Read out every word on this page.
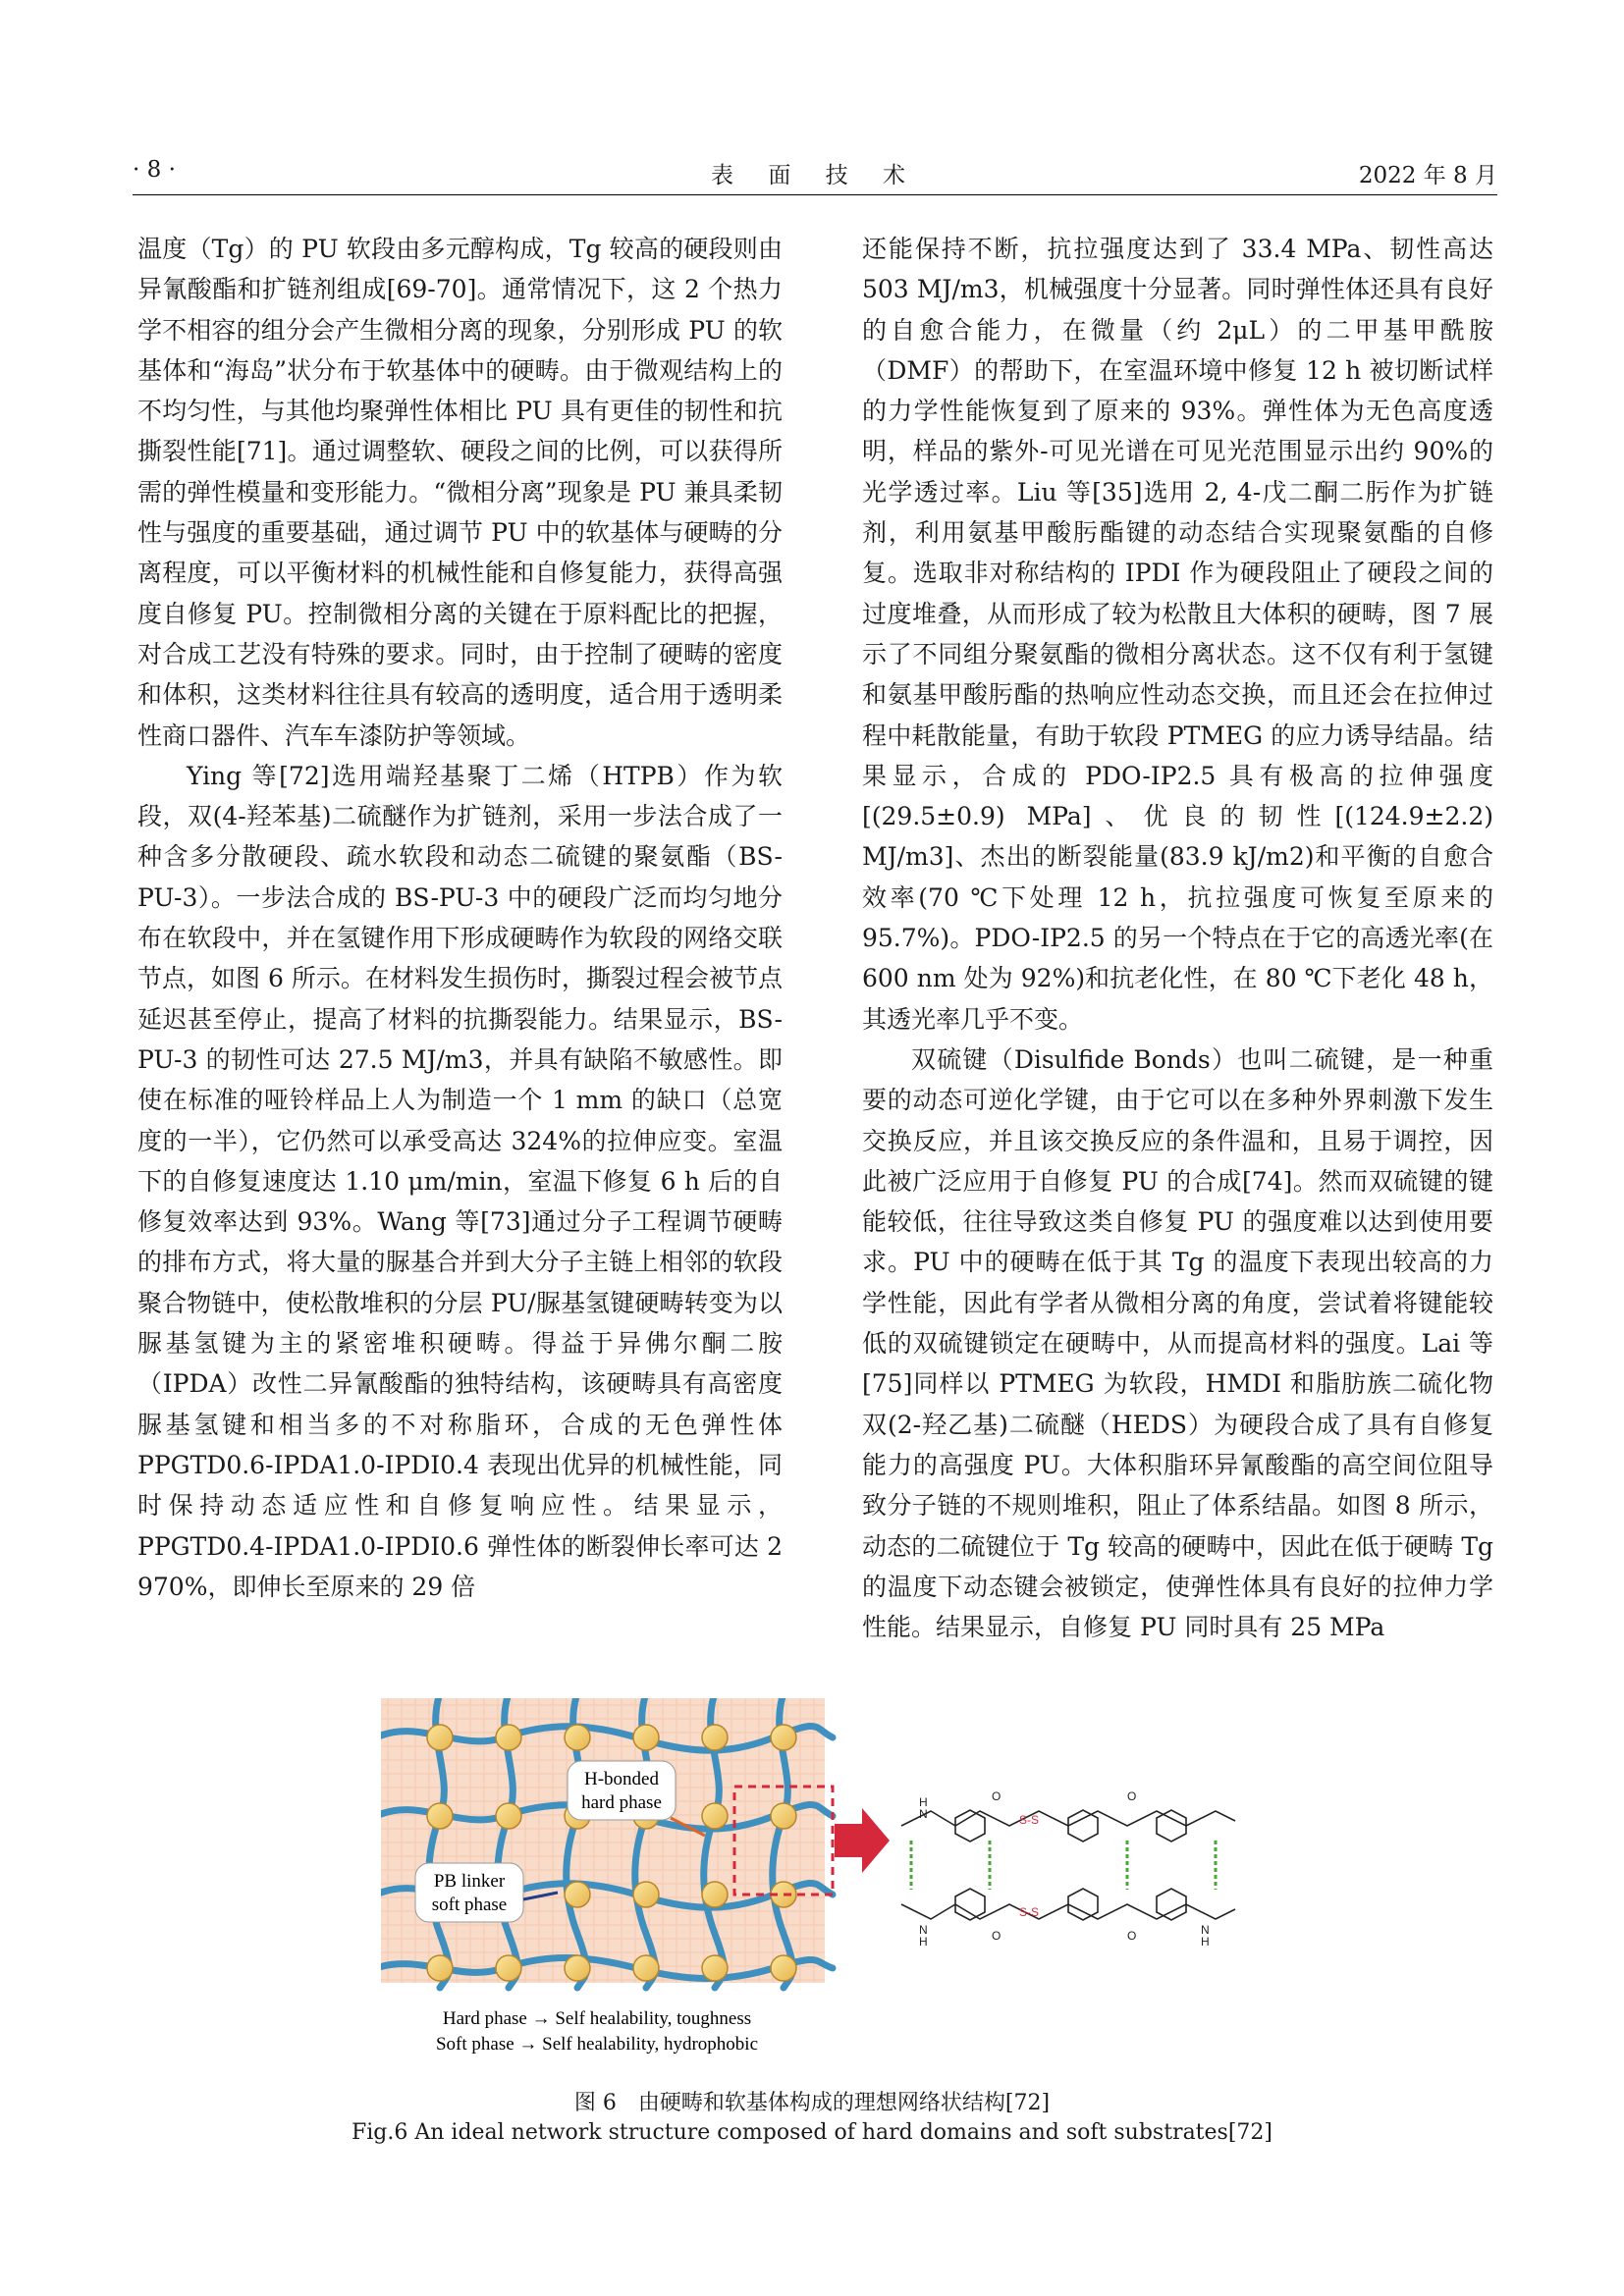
· 8 ·	表 面 技 术	2022 年 8 月

温度（Tg）的 PU 软段由多元醇构成，Tg 较高的硬段则由异氰酸酯和扩链剂组成[69-70]。通常情况下，这 2 个热力学不相容的组分会产生微相分离的现象，分别形成 PU 的软基体和“海岛”状分布于软基体中的硬畴。由于微观结构上的不均匀性，与其他均聚弹性体相比 PU 具有更佳的韧性和抗撕裂性能[71]。通过调整软、硬段之间的比例，可以获得所需的弹性模量和变形能力。“微相分离”现象是 PU 兼具柔韧性与强度的重要基础，通过调节 PU 中的软基体与硬畴的分离程度，可以平衡材料的机械性能和自修复能力，获得高强度自修复 PU。控制微相分离的关键在于原料配比的把握，对合成工艺没有特殊的要求。同时，由于控制了硬畴的密度和体积，这类材料往往具有较高的透明度，适合用于透明柔性商口器件、汽车车漆防护等领域。

Ying 等[72]选用端羟基聚丁二烯（HTPB）作为软段，双(4-羟苯基)二硫醚作为扩链剂，采用一步法合成了一种含多分散硬段、疏水软段和动态二硫键的聚氨酯（BS-PU-3）。一步法合成的 BS-PU-3 中的硬段广泛而均匀地分布在软段中，并在氢键作用下形成硬畴作为软段的网络交联节点，如图 6 所示。在材料发生损伤时，撕裂过程会被节点延迟甚至停止，提高了材料的抗撕裂能力。结果显示，BS-PU-3 的韧性可达 27.5 MJ/m3，并具有缺陷不敏感性。即使在标准的哑铃样品上人为制造一个 1 mm 的缺口（总宽度的一半），它仍然可以承受高达 324%的拉伸应变。室温下的自修复速度达 1.10 μm/min，室温下修复 6 h 后的自修复效率达到 93%。Wang 等[73]通过分子工程调节硬畴的排布方式，将大量的脲基合并到大分子主链上相邻的软段聚合物链中，使松散堆积的分层 PU/脲基氢键硬畴转变为以脲基氢键为主的紧密堆积硬畴。得益于异佛尔酮二胺（IPDA）改性二异氰酸酯的独特结构，该硬畴具有高密度脲基氢键和相当多的不对称脂环，合成的无色弹性体 PPGTD0.6-IPDA1.0-IPDI0.4 表现出优异的机械性能，同时保持动态适应性和自修复响应性。结果显示，PPGTD0.4-IPDA1.0-IPDI0.6 弹性体的断裂伸长率可达 2 970%，即伸长至原来的 29 倍

还能保持不断，抗拉强度达到了 33.4 MPa、韧性高达 503 MJ/m3，机械强度十分显著。同时弹性体还具有良好的自愈合能力，在微量（约 2μL）的二甲基甲酰胺（DMF）的帮助下，在室温环境中修复 12 h 被切断试样的力学性能恢复到了原来的 93%。弹性体为无色高度透明，样品的紫外-可见光谱在可见光范围显示出约 90%的光学透过率。Liu 等[35]选用 2, 4-戊二酮二肟作为扩链剂，利用氨基甲酸肟酯键的动态结合实现聚氨酯的自修复。选取非对称结构的 IPDI 作为硬段阻止了硬段之间的过度堆叠，从而形成了较为松散且大体积的硬畴，图 7 展示了不同组分聚氨酯的微相分离状态。这不仅有利于氢键和氨基甲酸肟酯的热响应性动态交换，而且还会在拉伸过程中耗散能量，有助于软段 PTMEG 的应力诱导结晶。结果显示，合成的 PDO-IP2.5 具有极高的拉伸强度[(29.5±0.9) MPa]、优良的韧性[(124.9±2.2) MJ/m3]、杰出的断裂能量(83.9 kJ/m2)和平衡的自愈合效率(70 ℃下处理 12 h，抗拉强度可恢复至原来的 95.7%)。PDO-IP2.5 的另一个特点在于它的高透光率(在 600 nm 处为 92%)和抗老化性，在 80 ℃下老化 48 h，其透光率几乎不变。

双硫键（Disulfide Bonds）也叫二硫键，是一种重要的动态可逆化学键，由于它可以在多种外界刺激下发生交换反应，并且该交换反应的条件温和，且易于调控，因此被广泛应用于自修复 PU 的合成[74]。然而双硫键的键能较低，往往导致这类自修复 PU 的强度难以达到使用要求。PU 中的硬畴在低于其 Tg 的温度下表现出较高的力学性能，因此有学者从微相分离的角度，尝试着将键能较低的双硫键锁定在硬畴中，从而提高材料的强度。Lai 等[75]同样以 PTMEG 为软段，HMDI 和脂肪族二硫化物双(2-羟乙基)二硫醚（HEDS）为硬段合成了具有自修复能力的高强度 PU。大体积脂环异氰酸酯的高空间位阻导致分子链的不规则堆积，阻止了体系结晶。如图 8 所示，动态的二硫键位于 Tg 较高的硬畴中，因此在低于硬畴 Tg 的温度下动态键会被锁定，使弹性体具有良好的拉伸力学性能。结果显示，自修复 PU 同时具有 25 MPa

H-bonded
hard phase
PB linker
soft phase
S-S
S-S
H
N
O	O
N
H	O	O	N
H
Hard phase → Self healability, toughness
Soft phase → Self healability, hydrophobic
图 6　由硬畴和软基体构成的理想网络状结构[72]
Fig.6 An ideal network structure composed of hard domains and soft substrates[72]
